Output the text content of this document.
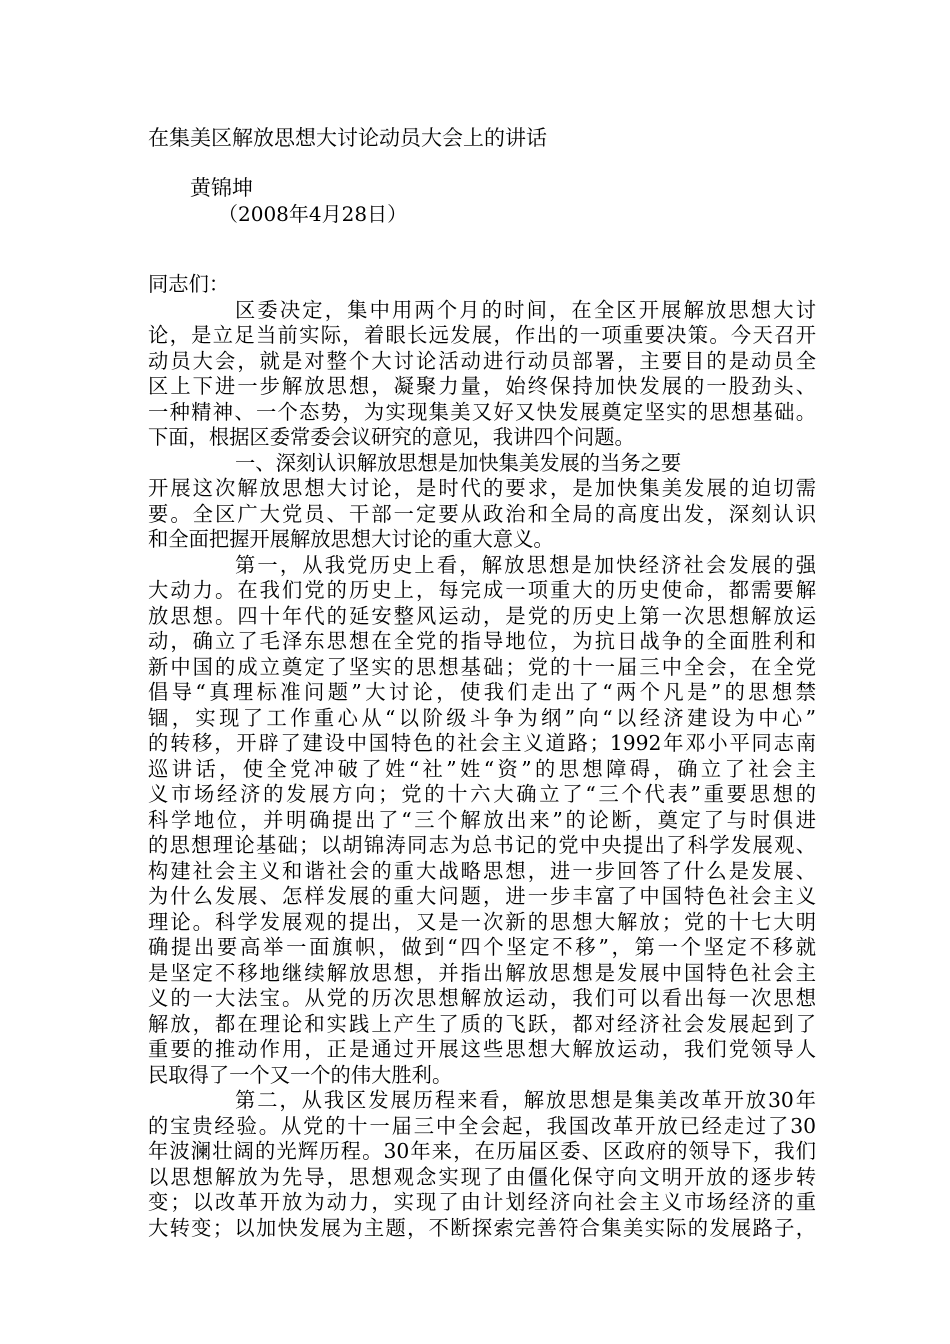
在集美区解放思想大讨论动员大会上的讲话
黄锦坤
（2008年4月28日）
同志们：
区委决定，集中用两个月的时间，在全区开展解放思想大讨
论，是立足当前实际，着眼长远发展，作出的一项重要决策。今天召开
动员大会，就是对整个大讨论活动进行动员部署，主要目的是动员全
区上下进一步解放思想，凝聚力量，始终保持加快发展的一股劲头、
一种精神、一个态势，为实现集美又好又快发展奠定坚实的思想基础。
下面，根据区委常委会议研究的意见，我讲四个问题。
一、深刻认识解放思想是加快集美发展的当务之要
开展这次解放思想大讨论，是时代的要求，是加快集美发展的迫切需
要。全区广大党员、干部一定要从政治和全局的高度出发，深刻认识
和全面把握开展解放思想大讨论的重大意义。
第一，从我党历史上看，解放思想是加快经济社会发展的强
大动力。在我们党的历史上，每完成一项重大的历史使命，都需要解
放思想。四十年代的延安整风运动，是党的历史上第一次思想解放运
动，确立了毛泽东思想在全党的指导地位，为抗日战争的全面胜利和
新中国的成立奠定了坚实的思想基础；党的十一届三中全会，在全党
倡导“真理标准问题”大讨论，使我们走出了“两个凡是”的思想禁
锢，实现了工作重心从“以阶级斗争为纲”向“以经济建设为中心”
的转移，开辟了建设中国特色的社会主义道路；1992年邓小平同志南
巡讲话，使全党冲破了姓“社”姓“资”的思想障碍，确立了社会主
义市场经济的发展方向；党的十六大确立了“三个代表”重要思想的
科学地位，并明确提出了“三个解放出来”的论断，奠定了与时俱进
的思想理论基础；以胡锦涛同志为总书记的党中央提出了科学发展观、
构建社会主义和谐社会的重大战略思想，进一步回答了什么是发展、
为什么发展、怎样发展的重大问题，进一步丰富了中国特色社会主义
理论。科学发展观的提出，又是一次新的思想大解放；党的十七大明
确提出要高举一面旗帜，做到“四个坚定不移”，第一个坚定不移就
是坚定不移地继续解放思想，并指出解放思想是发展中国特色社会主
义的一大法宝。从党的历次思想解放运动，我们可以看出每一次思想
解放，都在理论和实践上产生了质的飞跃，都对经济社会发展起到了
重要的推动作用，正是通过开展这些思想大解放运动，我们党领导人
民取得了一个又一个的伟大胜利。
第二，从我区发展历程来看，解放思想是集美改革开放30年
的宝贵经验。从党的十一届三中全会起，我国改革开放已经走过了30
年波澜壮阔的光辉历程。30年来，在历届区委、区政府的领导下，我们
以思想解放为先导，思想观念实现了由僵化保守向文明开放的逐步转
变；以改革开放为动力，实现了由计划经济向社会主义市场经济的重
大转变；以加快发展为主题，不断探索完善符合集美实际的发展路子，
